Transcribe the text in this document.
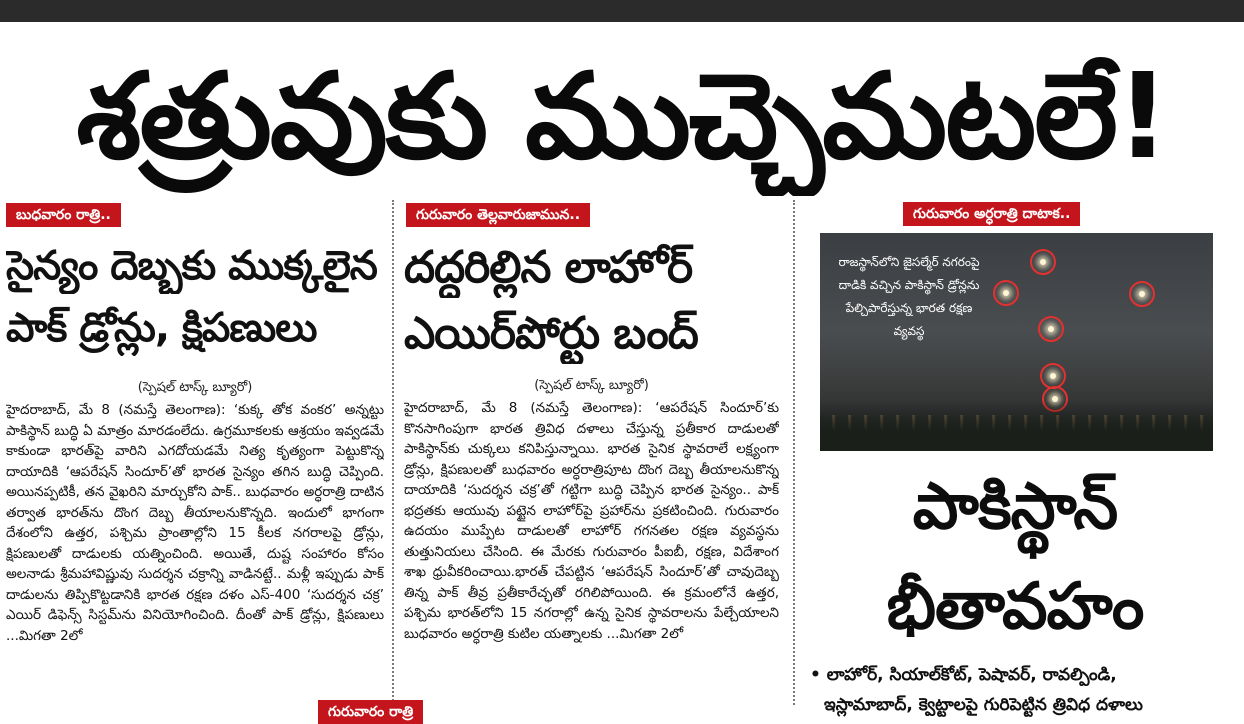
శత్రువుకు ముచ్చెమటలే!
బుధవారం రాత్రి..
సైన్యం దెబ్బకు ముక్కలైన
పాక్ డ్రోన్లు, క్షిపణులు
(స్పెషల్ టాస్క్ బ్యూరో)
హైదరాబాద్, మే 8 (నమస్తే తెలంగాణ): ‘కుక్క తోక వంకర’ అన్నట్టు పాకిస్థాన్ బుద్ధి ఏ మాత్రం మారడంలేదు. ఉగ్రమూకలకు ఆశ్రయం ఇవ్వడమే కాకుండా భారత్‌పై వారిని ఎగదోయడమే నిత్య కృత్యంగా పెట్టుకొన్న దాయాదికి ‘ఆపరేషన్ సిందూర్’తో భారత సైన్యం తగిన బుద్ధి చెప్పింది. అయినప్పటికీ, తన వైఖరిని మార్చుకోని పాక్.. బుధవారం అర్ధరాత్రి దాటిన తర్వాత భారత్‌ను దొంగ దెబ్బ తీయాలనుకొన్నది. ఇందులో భాగంగా దేశంలోని ఉత్తర, పశ్చిమ ప్రాంతాల్లోని 15 కీలక నగరాలపై డ్రోన్లు, క్షిపణులతో దాడులకు యత్నించింది. అయితే, దుష్ట సంహారం కోసం అలనాడు శ్రీమహావిష్ణువు సుదర్శన చక్రాన్ని వాడినట్టే.. మళ్లీ ఇప్పుడు పాక్ దాడులను తిప్పికొట్టడానికి భారత రక్షణ దళం ఎస్-400 ‘సుదర్శన చక్ర’ ఎయిర్ డిఫెన్స్ సిస్టమ్‌ను వినియోగించింది. దీంతో పాక్ డ్రోన్లు, క్షిపణులు ...మిగతా 2లో
గురువారం తెల్లవారుజామున..
దద్దరిల్లిన లాహోర్
ఎయిర్‌పోర్టు బంద్
(స్పెషల్ టాస్క్ బ్యూరో)
హైదరాబాద్, మే 8 (నమస్తే తెలంగాణ): ‘ఆపరేషన్ సిందూర్’కు కొనసాగింపుగా భారత త్రివిధ దళాలు చేస్తున్న ప్రతీకార దాడులతో పాకిస్థాన్‌కు చుక్కలు కనిపిస్తున్నాయి. భారత సైనిక స్థావరాలే లక్ష్యంగా డ్రోన్లు, క్షిపణులతో బుధవారం అర్ధరాత్రిపూట దొంగ దెబ్బ తీయాలనుకొన్న దాయాదికి ‘సుదర్శన చక్ర’తో గట్టిగా బుద్ధి చెప్పిన భారత సైన్యం.. పాక్ భద్రతకు ఆయువు పట్టైన లాహోర్‌పై ప్రహార్‌ను ప్రకటించింది. గురువారం ఉదయం ముప్పేట దాడులతో లాహోర్ గగనతల రక్షణ వ్యవస్థను తుత్తునియలు చేసింది. ఈ మేరకు గురువారం పీఐబీ, రక్షణ, విదేశాంగ శాఖ ధ్రువీకరించాయి.భారత్ చేపట్టిన ‘ఆపరేషన్ సిందూర్’తో చావుదెబ్బ తిన్న పాక్ తీవ్ర ప్రతీకారేచ్ఛతో రగిలిపోయింది. ఈ క్రమంలోనే ఉత్తర, పశ్చిమ భారత్‌లోని 15 నగరాల్లో ఉన్న సైనిక స్థావరాలను పేల్చేయాలని బుధవారం అర్ధరాత్రి కుటిల యత్నాలకు ...మిగతా 2లో
గురువారం అర్ధరాత్రి దాటాక..
రాజస్థాన్‌లోని జైసల్మేర్ నగరంపై దాడికి వచ్చిన పాకిస్థాన్ డ్రోన్లను పేల్చిపారేస్తున్న భారత రక్షణ వ్యవస్థ
పాకిస్థాన్
భీతావహం
• లాహోర్, సియాల్‌కోట్, పెషావర్, రావల్పిండి,
ఇస్లామాబాద్, క్వెట్టాలపై గురిపెట్టిన త్రివిధ దళాలు
గురువారం రాత్రి
